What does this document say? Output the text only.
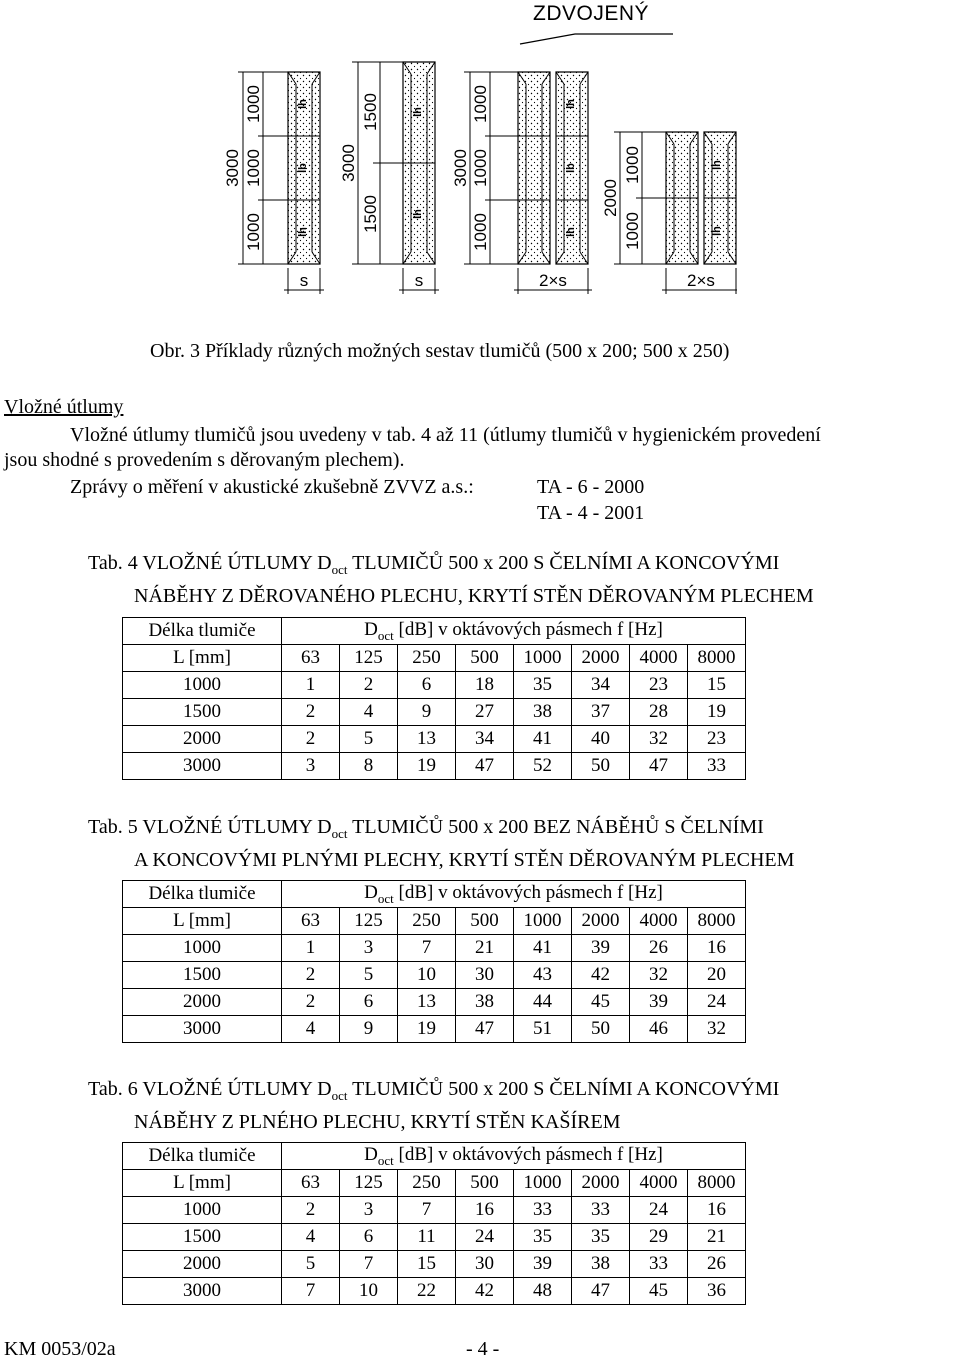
ZDVOJENÝ
3000
1000
1000
1000
lh
lb
lh
s
3000
1500
1500
lh
lh
s
3000
1000
1000
1000
lh
lb
lh
2×s
2000
1000
1000
lh
lh
2×s
Obr. 3 Příklady různých možných sestav tlumičů (500 x 200; 500 x 250)
Vložné útlumy
Vložné útlumy tlumičů jsou uvedeny v tab. 4 až 11 (útlumy tlumičů v hygienickém provedení
jsou shodné s provedením s děrovaným plechem).
Zprávy o měření v akustické zkušebně ZVVZ a.s.:	TA - 6 - 2000
TA - 4 - 2001
Tab. 4 VLOŽNÉ ÚTLUMY $D_{oct}$ TLUMIČŮ 500 x 200 S ČELNÍMI A KONCOVÝMI
NÁBĚHY Z DĚROVANÉHO PLECHU, KRYTÍ STĚN DĚROVANÝM PLECHEM
Délka tlumiče	$D_{oct}$ [dB] v oktávových pásmech f [Hz]							
L [mm]	63	125	250	500	1000	2000	4000	8000
1000	1	2	6	18	35	34	23	15
1500	2	4	9	27	38	37	28	19
2000	2	5	13	34	41	40	32	23
3000	3	8	19	47	52	50	47	33
Tab. 5 VLOŽNÉ ÚTLUMY $D_{oct}$ TLUMIČŮ 500 x 200 BEZ NÁBĚHŮ S ČELNÍMI
A KONCOVÝMI PLNÝMI PLECHY, KRYTÍ STĚN DĚROVANÝM PLECHEM
Délka tlumiče	$D_{oct}$ [dB] v oktávových pásmech f [Hz]							
L [mm]	63	125	250	500	1000	2000	4000	8000
1000	1	3	7	21	41	39	26	16
1500	2	5	10	30	43	42	32	20
2000	2	6	13	38	44	45	39	24
3000	4	9	19	47	51	50	46	32
Tab. 6 VLOŽNÉ ÚTLUMY $D_{oct}$ TLUMIČŮ 500 x 200 S ČELNÍMI A KONCOVÝMI
NÁBĚHY Z PLNÉHO PLECHU, KRYTÍ STĚN KAŠÍREM
Délka tlumiče	$D_{oct}$ [dB] v oktávových pásmech f [Hz]							
L [mm]	63	125	250	500	1000	2000	4000	8000
1000	2	3	7	16	33	33	24	16
1500	4	6	11	24	35	35	29	21
2000	5	7	15	30	39	38	33	26
3000	7	10	22	42	48	47	45	36
KM 0053/02a	- 4 -
